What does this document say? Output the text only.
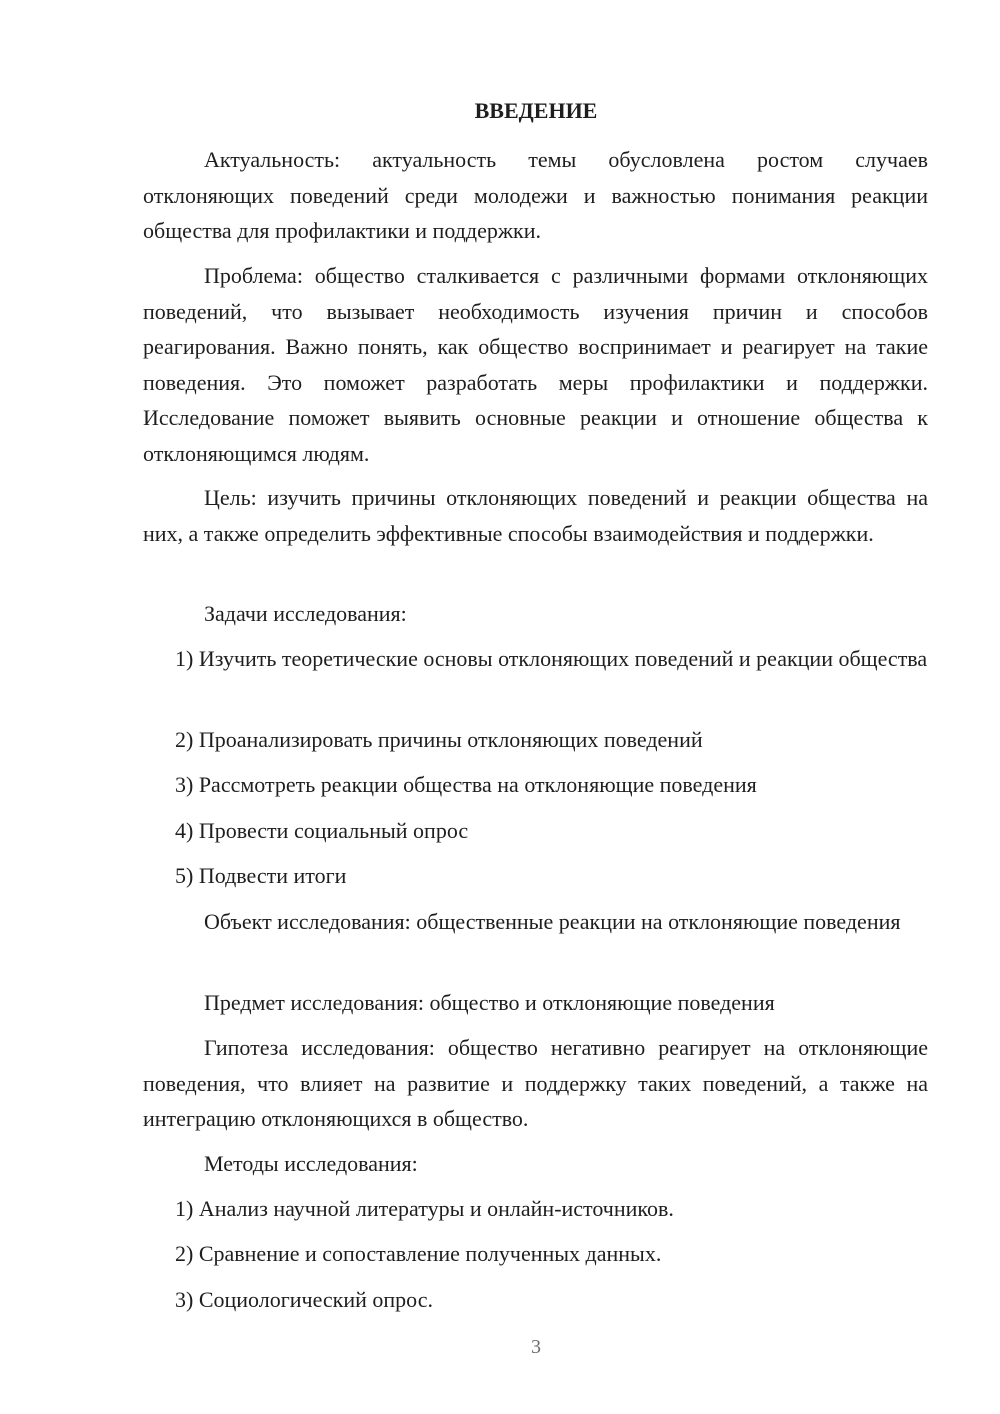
ВВЕДЕНИЕ

Актуальность: актуальность темы обусловлена ростом случаев отклоняющих поведений среди молодежи и важностью понимания реакции общества для профилактики и поддержки.

Проблема: общество сталкивается с различными формами отклоняющих поведений, что вызывает необходимость изучения причин и способов реагирования. Важно понять, как общество воспринимает и реагирует на такие поведения. Это поможет разработать меры профилактики и поддержки. Исследование поможет выявить основные реакции и отношение общества к отклоняющимся людям.

Цель: изучить причины отклоняющих поведений и реакции общества на них, а также определить эффективные способы взаимодействия и поддержки.

Задачи исследования:

1) Изучить теоретические основы отклоняющих поведений и реакции общества

2) Проанализировать причины отклоняющих поведений

3) Рассмотреть реакции общества на отклоняющие поведения

4) Провести социальный опрос

5) Подвести итоги

Объект исследования: общественные реакции на отклоняющие поведения

Предмет исследования: общество и отклоняющие поведения

Гипотеза исследования: общество негативно реагирует на отклоняющие поведения, что влияет на развитие и поддержку таких поведений, а также на интеграцию отклоняющихся в общество.

Методы исследования:

1) Анализ научной литературы и онлайн-источников.

2) Сравнение и сопоставление полученных данных.

3) Социологический опрос.

3
